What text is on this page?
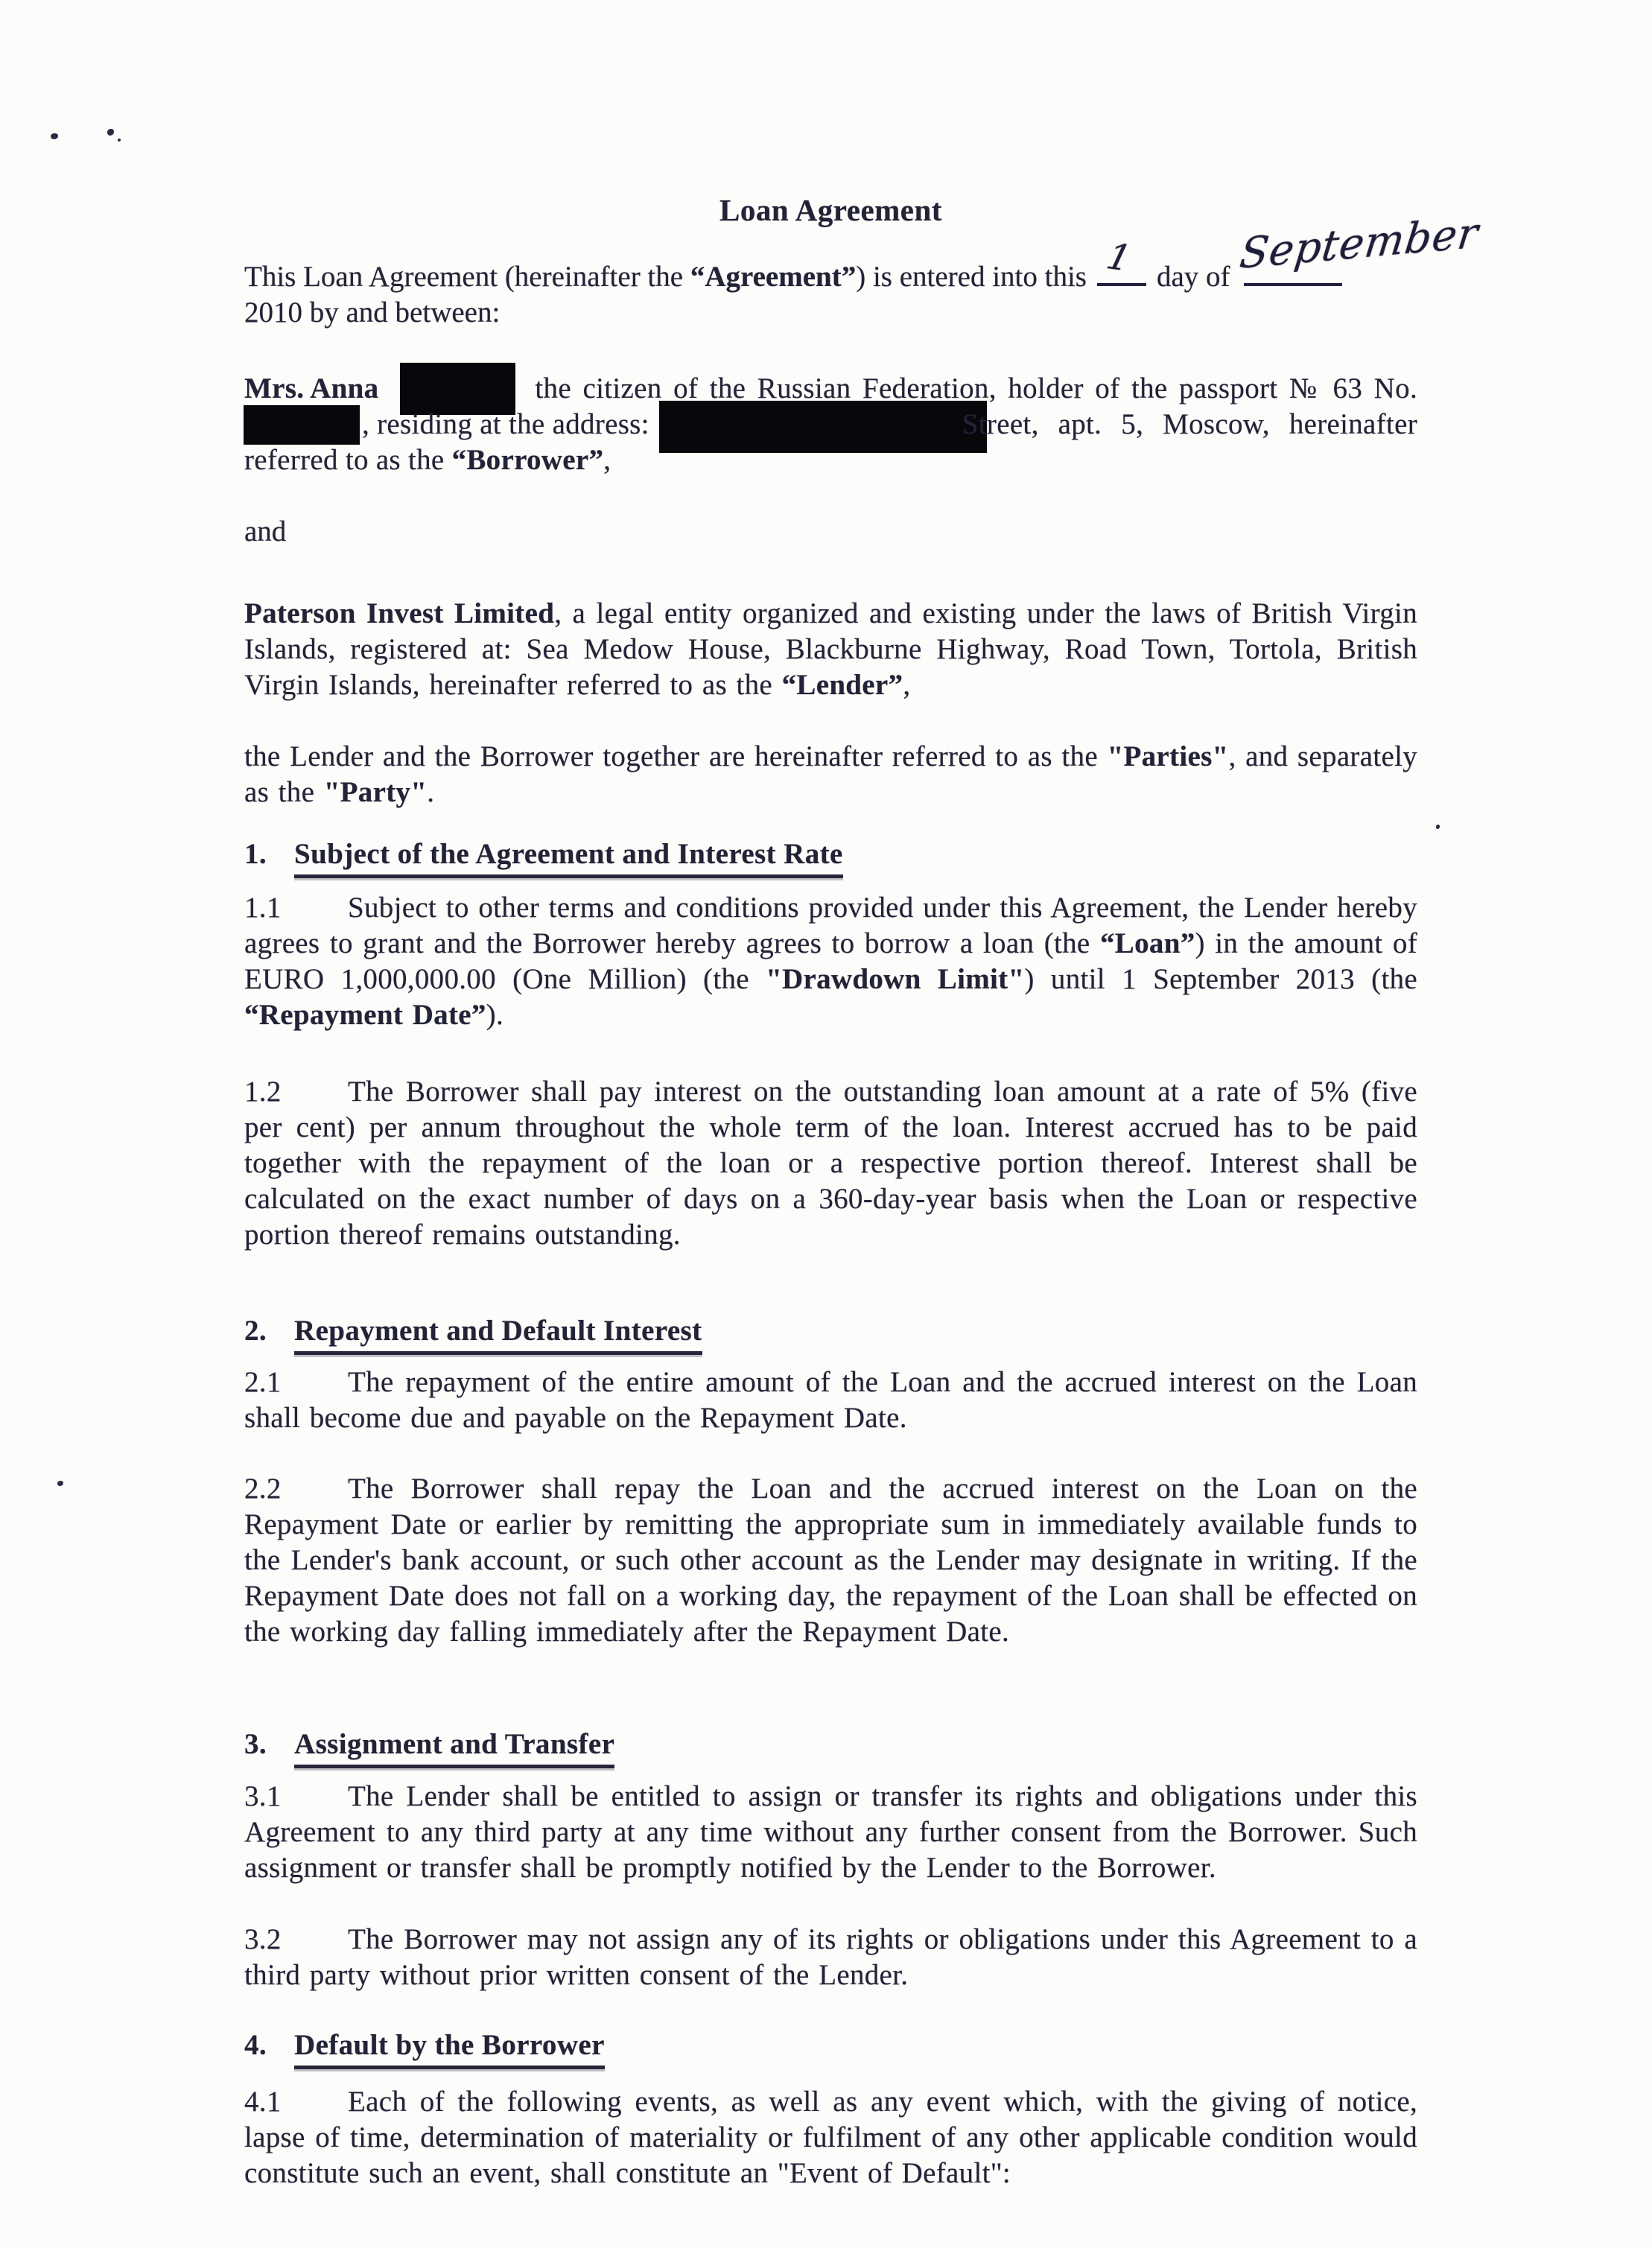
Loan Agreement
This Loan Agreement (hereinafter the “Agreement”) is entered into this 1 day of September
2010 by and between:
Mrs. Anna	the citizen of the Russian Federation, holder of the passport № 63 No.
, residing at the address:	Street, apt. 5, Moscow, hereinafter
referred to as the “Borrower”,
and
Paterson Invest Limited, a legal entity organized and existing under the laws of British Virgin Islands, registered at: Sea Medow House, Blackburne Highway, Road Town, Tortola, British Virgin Islands, hereinafter referred to as the “Lender”,
the Lender and the Borrower together are hereinafter referred to as the "Parties", and separately as the "Party".
1. Subject of the Agreement and Interest Rate
1.1 Subject to other terms and conditions provided under this Agreement, the Lender hereby agrees to grant and the Borrower hereby agrees to borrow a loan (the “Loan”) in the amount of EURO 1,000,000.00 (One Million) (the "Drawdown Limit") until 1 September 2013 (the “Repayment Date”).
1.2 The Borrower shall pay interest on the outstanding loan amount at a rate of 5% (five per cent) per annum throughout the whole term of the loan. Interest accrued has to be paid together with the repayment of the loan or a respective portion thereof. Interest shall be calculated on the exact number of days on a 360-day-year basis when the Loan or respective portion thereof remains outstanding.
2. Repayment and Default Interest
2.1 The repayment of the entire amount of the Loan and the accrued interest on the Loan shall become due and payable on the Repayment Date.
2.2 The Borrower shall repay the Loan and the accrued interest on the Loan on the Repayment Date or earlier by remitting the appropriate sum in immediately available funds to the Lender's bank account, or such other account as the Lender may designate in writing. If the Repayment Date does not fall on a working day, the repayment of the Loan shall be effected on the working day falling immediately after the Repayment Date.
3. Assignment and Transfer
3.1 The Lender shall be entitled to assign or transfer its rights and obligations under this Agreement to any third party at any time without any further consent from the Borrower. Such assignment or transfer shall be promptly notified by the Lender to the Borrower.
3.2 The Borrower may not assign any of its rights or obligations under this Agreement to a third party without prior written consent of the Lender.
4. Default by the Borrower
4.1 Each of the following events, as well as any event which, with the giving of notice, lapse of time, determination of materiality or fulfilment of any other applicable condition would constitute such an event, shall constitute an "Event of Default":
